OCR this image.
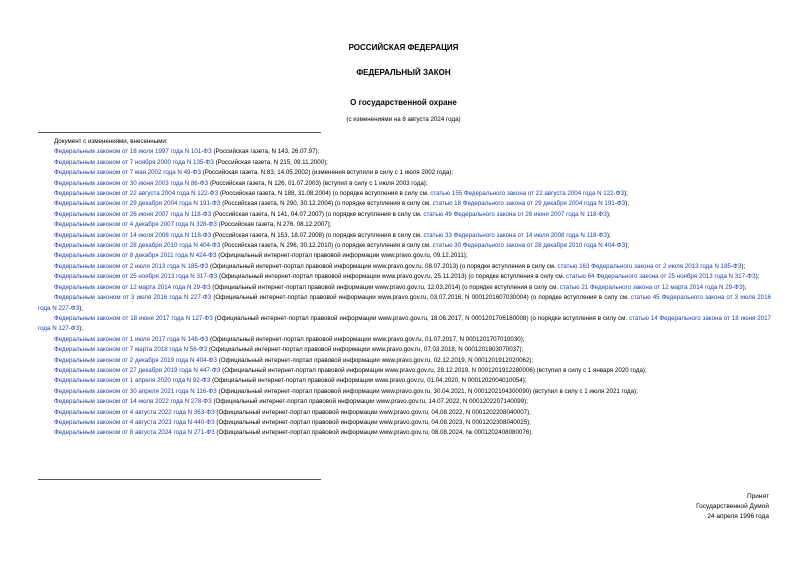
РОССИЙСКАЯ ФЕДЕРАЦИЯ
ФЕДЕРАЛЬНЫЙ ЗАКОН
О государственной охране
(с изменениями на 8 августа 2024 года)
Документ с изменениями, внесенными:
Федеральным законом от 18 июля 1997 года N 101-ФЗ (Российская газета, N 143, 26.07.97);
Федеральным законом от 7 ноября 2000 года N 135-ФЗ (Российская газета, N 215, 09.11.2000);
Федеральным законом от 7 мая 2002 года N 49-ФЗ (Российская газета, N 83, 14.05.2002) (изменения вступили в силу с 1 июля 2002 года);
Федеральным законом от 30 июня 2003 года N 86-ФЗ (Российская газета, N 126, 01.07.2003) (вступил в силу с 1 июля 2003 года);
Федеральным законом от 22 августа 2004 года N 122-ФЗ (Российская газета, N 188, 31.08.2004) (о порядке вступления в силу см. статью 155 Федерального закона от 22 августа 2004 года N 122-ФЗ);
Федеральным законом от 29 декабря 2004 года N 191-ФЗ (Российская газета, N 290, 30.12.2004) (о порядке вступления в силу см. статью 18 Федерального закона от 29 декабря 2004 года N 191-ФЗ);
Федеральным законом от 26 июня 2007 года N 118-ФЗ (Российская газета, N 141, 04.07.2007) (о порядке вступления в силу см. статью 49 Федерального закона от 26 июня 2007 года N 118-ФЗ);
Федеральным законом от 4 декабря 2007 года N 328-ФЗ (Российская газета, N 276, 08.12.2007);
Федеральным законом от 14 июля 2008 года N 118-ФЗ (Российская газета, N 153, 18.07.2008) (о порядке вступления в силу см. статью 33 Федерального закона от 14 июля 2008 года N 118-ФЗ);
Федеральным законом от 28 декабря 2010 года N 404-ФЗ (Российская газета, N 296, 30.12.2010) (о порядке вступления в силу см. статью 30 Федерального закона от 28 декабря 2010 года N 404-ФЗ);
Федеральным законом от 8 декабря 2011 года N 424-ФЗ (Официальный интернет-портал правовой информации www.pravo.gov.ru, 09.12.2011);
Федеральным законом от 2 июля 2013 года N 185-ФЗ (Официальный интернет-портал правовой информации www.pravo.gov.ru, 08.07.2013) (о порядке вступления в силу см. статью 163 Федерального закона от 2 июля 2013 года N 185-ФЗ);
Федеральным законом от 25 ноября 2013 года N 317-ФЗ (Официальный интернет-портал правовой информации www.pravo.gov.ru, 25.11.2013) (о порядке вступления в силу см. статью 64 Федерального закона от 25 ноября 2013 года N 317-ФЗ);
Федеральным законом от 12 марта 2014 года N 29-ФЗ (Официальный интернет-портал правовой информации www.pravo.gov.ru, 12.03.2014) (о порядке вступления в силу см. статью 21 Федерального закона от 12 марта 2014 года N 29-ФЗ);
Федеральным законом от 3 июля 2016 года N 227-ФЗ (Официальный интернет-портал правовой информации www.pravo.gov.ru, 03.07.2016, N 0001201607030004) (о порядке вступления в силу см. статью 45 Федерального закона от 3 июля 2016 года N 227-ФЗ);
Федеральным законом от 18 июня 2017 года N 127-ФЗ (Официальный интернет-портал правовой информации www.pravo.gov.ru, 18.06.2017, N 0001201706180008) (о порядке вступления в силу см. статью 14 Федерального закона от 18 июня 2017 года N 127-ФЗ);
Федеральным законом от 1 июля 2017 года N 148-ФЗ (Официальный интернет-портал правовой информации www.pravo.gov.ru, 01.07.2017, N 0001201707010030);
Федеральным законом от 7 марта 2018 года N 56-ФЗ (Официальный интернет-портал правовой информации www.pravo.gov.ru, 07.03.2018, N 0001201803070037);
Федеральным законом от 2 декабря 2019 года N 404-ФЗ (Официальный интернет-портал правовой информации www.pravo.gov.ru, 02.12.2019, N 0001201912020062);
Федеральным законом от 27 декабря 2019 года N 447-ФЗ (Официальный интернет-портал правовой информации www.pravo.gov.ru, 28.12.2019, N 0001201912280006) (вступил в силу с 1 января 2020 года);
Федеральным законом от 1 апреля 2020 года N 92-ФЗ (Официальный интернет-портал правовой информации www.pravo.gov.ru, 01.04.2020, N 0001202004010054);
Федеральным законом от 30 апреля 2021 года N 116-ФЗ (Официальный интернет-портал правовой информации www.pravo.gov.ru, 30.04.2021, N 0001202104300090) (вступил в силу с 1 июля 2021 года);
Федеральным законом от 14 июля 2022 года N 278-ФЗ (Официальный интернет-портал правовой информации www.pravo.gov.ru, 14.07.2022, N 0001202207140099);
Федеральным законом от 4 августа 2022 года N 363-ФЗ (Официальный интернет-портал правовой информации www.pravo.gov.ru, 04.08.2022, N 0001202208040007);
Федеральным законом от 4 августа 2023 года N 440-ФЗ (Официальный интернет-портал правовой информации www.pravo.gov.ru, 04.08.2023, N 0001202308040025);
Федеральным законом от 8 августа 2024 года N 271-ФЗ (Официальный интернет-портал правовой информации www.pravo.gov.ru, 08.08.2024, № 0001202408080076).
Принят
Государственной Думой
24 апреля 1996 года
